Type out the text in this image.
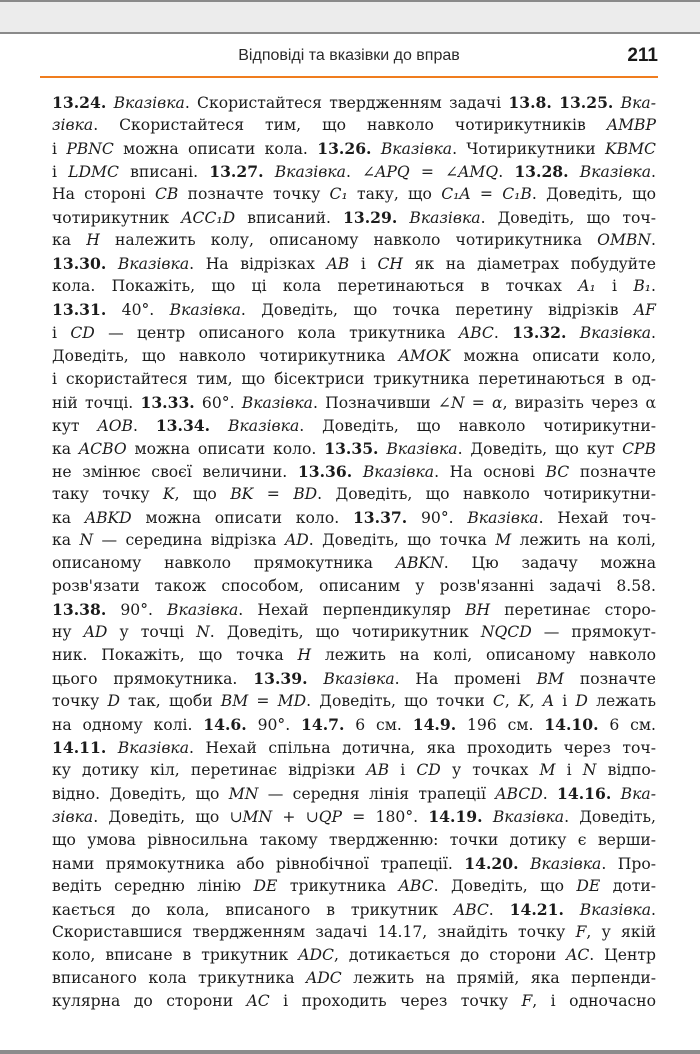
Відповіді та вказівки до вправ	211
13.24. Вказівка. Скористайтеся твердженням задачі 13.8. 13.25. Вка-
зівка. Скористайтеся тим, що навколо чотирикутників AMBP
і PBNC можна описати кола. 13.26. Вказівка. Чотирикутники KBMC
і LDMC вписані. 13.27. Вказівка. ∠APQ = ∠AMQ. 13.28. Вказівка.
На стороні CB позначте точку C₁ таку, що C₁A = C₁B. Доведіть, що
чотирикутник ACC₁D вписаний. 13.29. Вказівка. Доведіть, що точ-
ка H належить колу, описаному навколо чотирикутника OMBN.
13.30. Вказівка. На відрізках AB і CH як на діаметрах побудуйте
кола. Покажіть, що ці кола перетинаються в точках A₁ і B₁.
13.31. 40°. Вказівка. Доведіть, що точка перетину відрізків AF
і CD — центр описаного кола трикутника ABC. 13.32. Вказівка.
Доведіть, що навколо чотирикутника AMOK можна описати коло,
і скористайтеся тим, що бісектриси трикутника перетинаються в од-
ній точці. 13.33. 60°. Вказівка. Позначивши ∠N = α, виразіть через α
кут AOB. 13.34. Вказівка. Доведіть, що навколо чотирикутни-
ка ACBO можна описати коло. 13.35. Вказівка. Доведіть, що кут CPB
не змінює своєї величини. 13.36. Вказівка. На основі BC позначте
таку точку K, що BK = BD. Доведіть, що навколо чотирикутни-
ка ABKD можна описати коло. 13.37. 90°. Вказівка. Нехай точ-
ка N — середина відрізка AD. Доведіть, що точка M лежить на колі,
описаному навколо прямокутника ABKN. Цю задачу можна
розв'язати також способом, описаним у розв'язанні задачі 8.58.
13.38. 90°. Вказівка. Нехай перпендикуляр BH перетинає сторо-
ну AD у точці N. Доведіть, що чотирикутник NQCD — прямокут-
ник. Покажіть, що точка H лежить на колі, описаному навколо
цього прямокутника. 13.39. Вказівка. На промені BM позначте
точку D так, щоби BM = MD. Доведіть, що точки C, K, A і D лежать
на одному колі. 14.6. 90°. 14.7. 6 см. 14.9. 196 см. 14.10. 6 см.
14.11. Вказівка. Нехай спільна дотична, яка проходить через точ-
ку дотику кіл, перетинає відрізки AB і CD у точках M і N відпо-
відно. Доведіть, що MN — середня лінія трапеції ABCD. 14.16. Вка-
зівка. Доведіть, що ∪MN + ∪QP = 180°. 14.19. Вказівка. Доведіть,
що умова рівносильна такому твердженню: точки дотику є верши-
нами прямокутника або рівнобічної трапеції. 14.20. Вказівка. Про-
ведіть середню лінію DE трикутника ABC. Доведіть, що DE доти-
кається до кола, вписаного в трикутник ABC. 14.21. Вказівка.
Скориставшися твердженням задачі 14.17, знайдіть точку F, у якій
коло, вписане в трикутник ADC, дотикається до сторони AC. Центр
вписаного кола трикутника ADC лежить на прямій, яка перпенди-
кулярна до сторони AC і проходить через точку F, і одночасно
